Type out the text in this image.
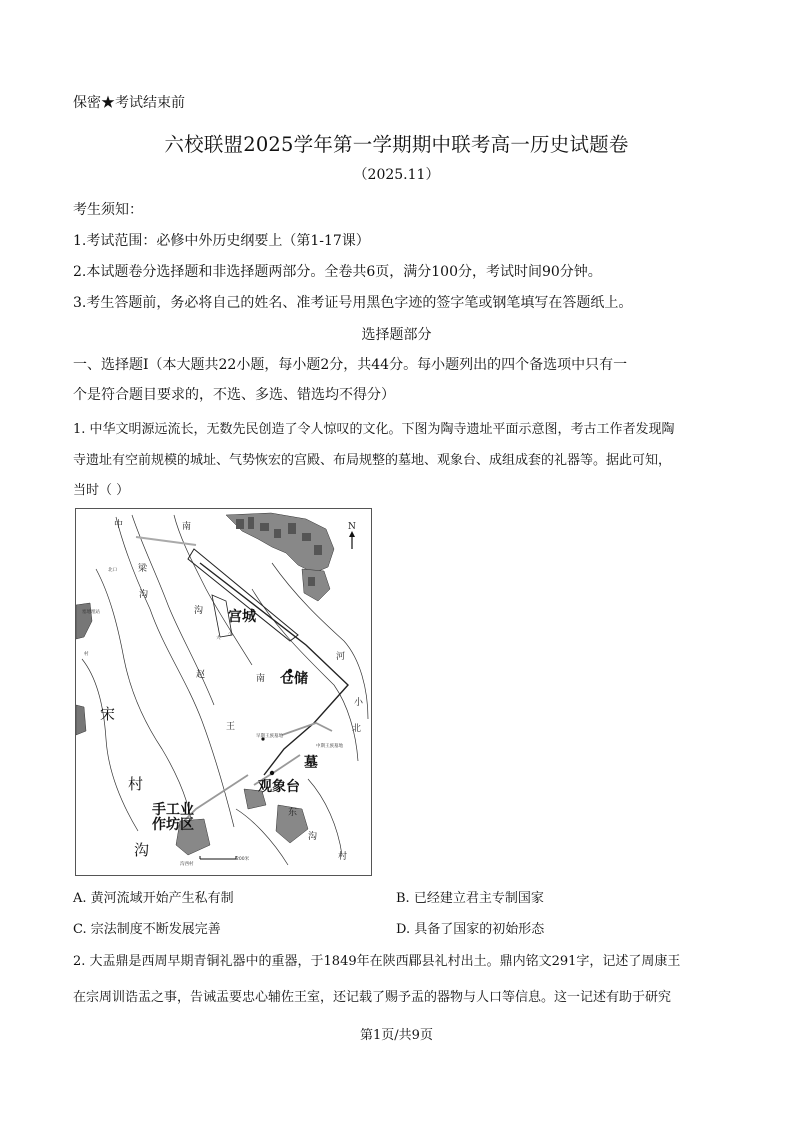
保密★考试结束前
六校联盟2025学年第一学期期中联考高一历史试题卷
（2025.11）
考生须知：
1.考试范围：必修中外历史纲要上（第1-17课）
2.本试题卷分选择题和非选择题两部分。全卷共6页，满分100分，考试时间90分钟。
3.考生答题前，务必将自己的姓名、准考证号用黑色字迹的签字笔或钢笔填写在答题纸上。
选择题部分
一、选择题Ⅰ（本大题共22小题，每小题2分，共44分。每小题列出的四个备选项中只有一
个是符合题目要求的，不选、多选、错选均不得分）
1. 中华文明源远流长，无数先民创造了令人惊叹的文化。下图为陶寺遗址平面示意图，考古工作者发现陶
寺遗址有空前规模的城址、气势恢宏的宫殿、布局规整的墓地、观象台、成组成套的礼器等。据此可知，
当时（ ）
N
200米
宫城
仓储
墓
观象台
手工业
作坊区
中	南
梁
沟
沟
河
小
大
南
赵
小
北
王
宋
村
沟
东
沟
村
北口
塞地埋站
村
早期王族墓地
中期王族墓地
沟西村
A. 黄河流域开始产生私有制	B. 已经建立君主专制国家
C. 宗法制度不断发展完善	D. 具备了国家的初始形态
2. 大盂鼎是西周早期青铜礼器中的重器，于1849年在陕西郿县礼村出土。鼎内铭文291字，记述了周康王
在宗周训诰盂之事，告诫盂要忠心辅佐王室，还记载了赐予盂的器物与人口等信息。这一记述有助于研究
第1页/共9页
